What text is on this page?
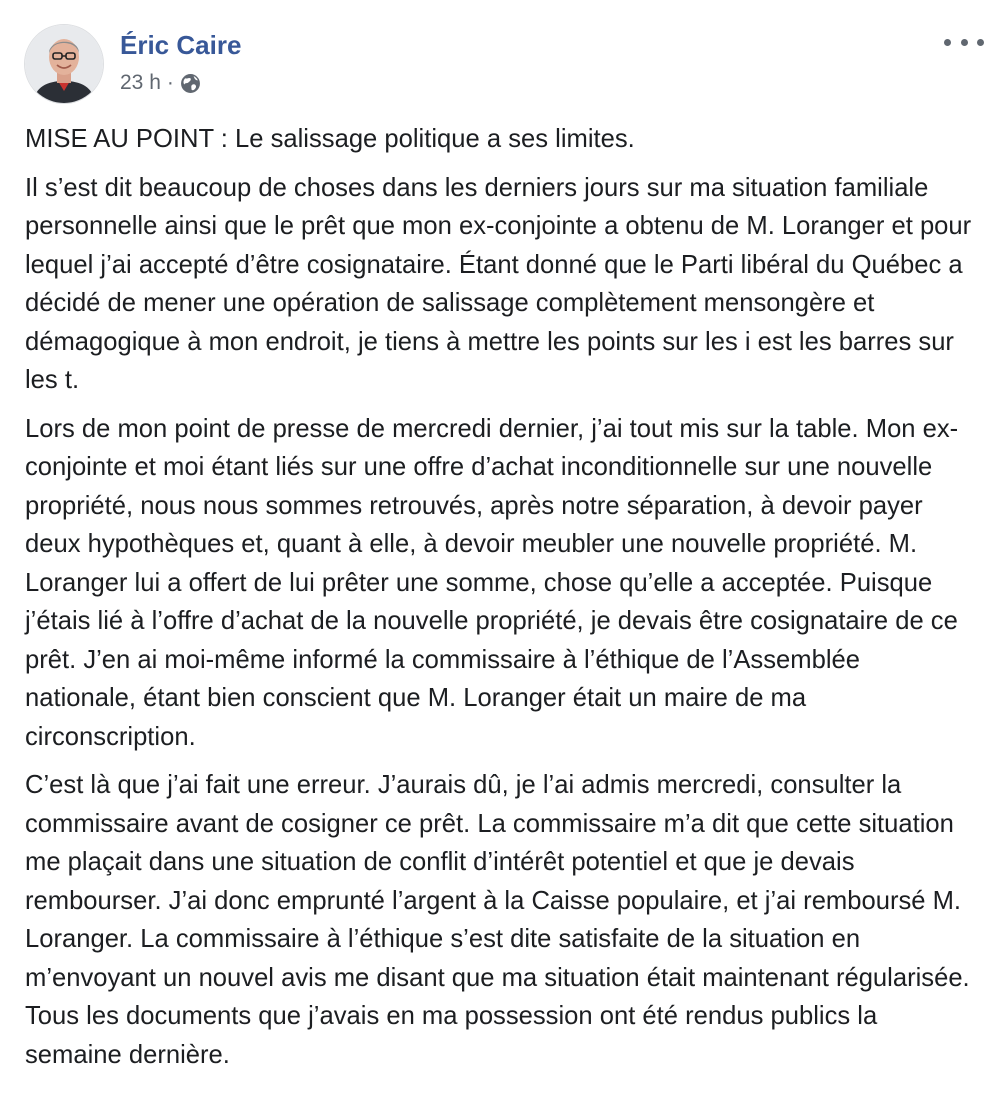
Éric Caire
23 h ·

MISE AU POINT : Le salissage politique a ses limites.

Il s’est dit beaucoup de choses dans les derniers jours sur ma situation familiale personnelle ainsi que le prêt que mon ex-conjointe a obtenu de M. Loranger et pour lequel j’ai accepté d’être cosignataire. Étant donné que le Parti libéral du Québec a décidé de mener une opération de salissage complètement mensongère et démagogique à mon endroit, je tiens à mettre les points sur les i est les barres sur les t.

Lors de mon point de presse de mercredi dernier, j’ai tout mis sur la table. Mon ex-conjointe et moi étant liés sur une offre d’achat inconditionnelle sur une nouvelle propriété, nous nous sommes retrouvés, après notre séparation, à devoir payer deux hypothèques et, quant à elle, à devoir meubler une nouvelle propriété. M. Loranger lui a offert de lui prêter une somme, chose qu’elle a acceptée. Puisque j’étais lié à l’offre d’achat de la nouvelle propriété, je devais être cosignataire de ce prêt. J’en ai moi-même informé la commissaire à l’éthique de l’Assemblée nationale, étant bien conscient que M. Loranger était un maire de ma circonscription.

C’est là que j’ai fait une erreur. J’aurais dû, je l’ai admis mercredi, consulter la commissaire avant de cosigner ce prêt. La commissaire m’a dit que cette situation me plaçait dans une situation de conflit d’intérêt potentiel et que je devais rembourser. J’ai donc emprunté l’argent à la Caisse populaire, et j’ai remboursé M. Loranger. La commissaire à l’éthique s’est dite satisfaite de la situation en m’envoyant un nouvel avis me disant que ma situation était maintenant régularisée. Tous les documents que j’avais en ma possession ont été rendus publics la semaine dernière.
